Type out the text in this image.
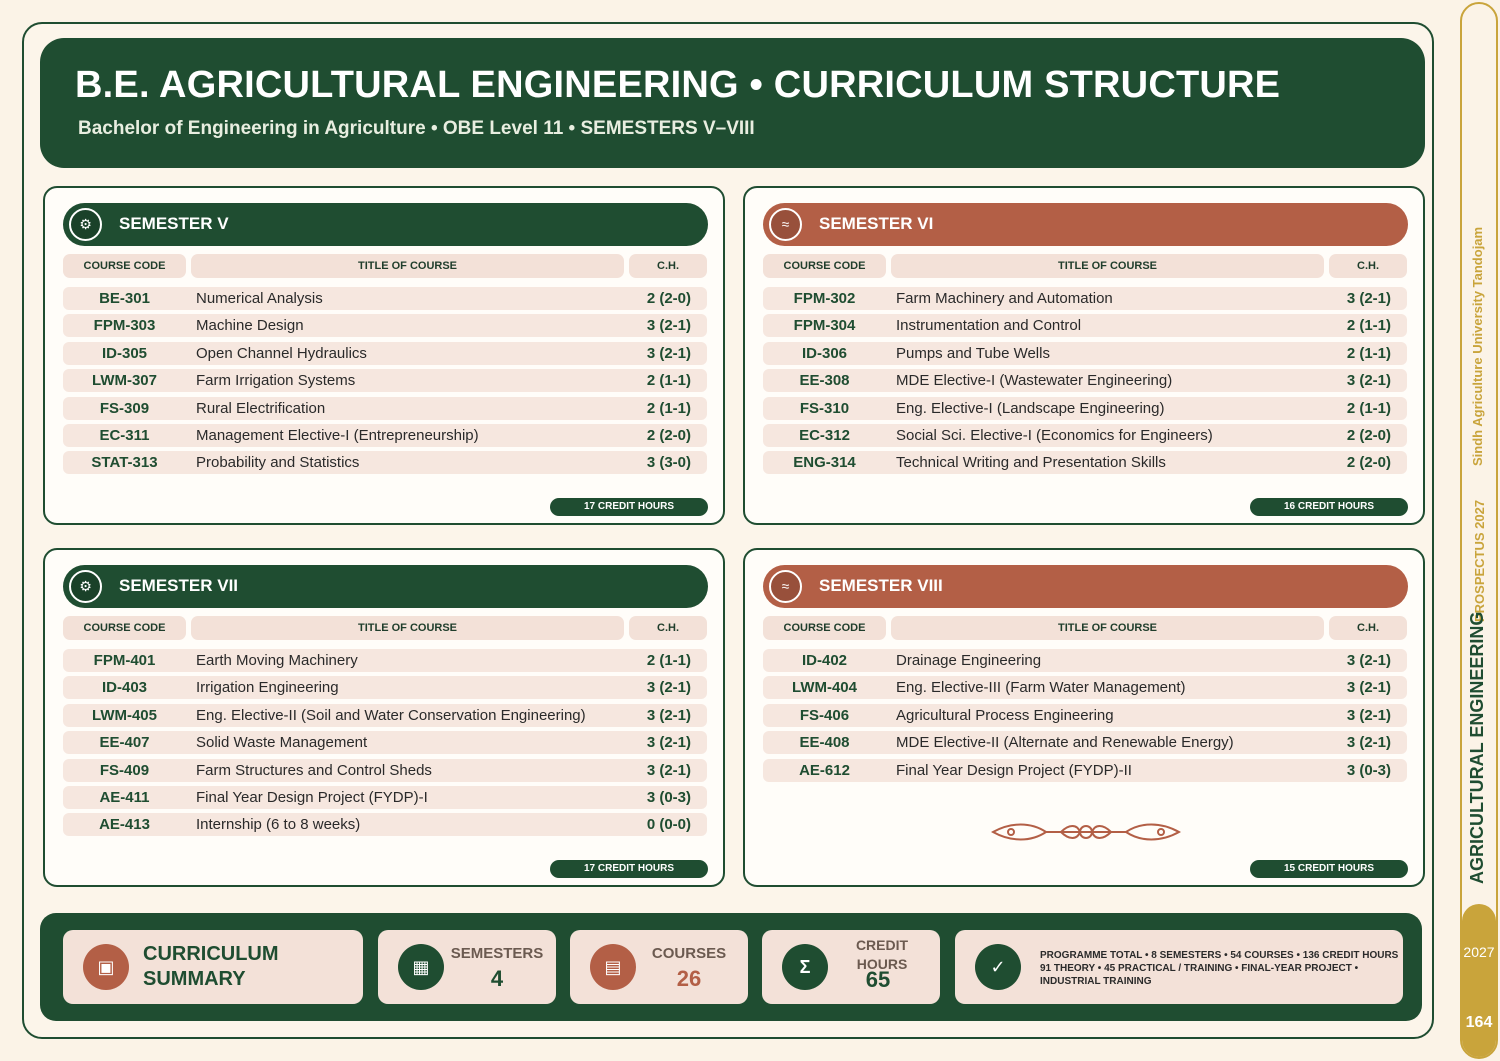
B.E. AGRICULTURAL ENGINEERING • CURRICULUM STRUCTURE
Bachelor of Engineering in Agriculture • OBE Level 11 • SEMESTERS V–VIII
⚙	SEMESTER V
COURSE CODE	TITLE OF COURSE	C.H.
BE-301	Numerical Analysis	2 (2-0)
FPM-303	Machine Design	3 (2-1)
ID-305	Open Channel Hydraulics	3 (2-1)
LWM-307	Farm Irrigation Systems	2 (1-1)
FS-309	Rural Electrification	2 (1-1)
EC-311	Management Elective-I (Entrepreneurship)	2 (2-0)
STAT-313	Probability and Statistics	3 (3-0)
17 CREDIT HOURS
≈	SEMESTER VI
COURSE CODE	TITLE OF COURSE	C.H.
FPM-302	Farm Machinery and Automation	3 (2-1)
FPM-304	Instrumentation and Control	2 (1-1)
ID-306	Pumps and Tube Wells	2 (1-1)
EE-308	MDE Elective-I (Wastewater Engineering)	3 (2-1)
FS-310	Eng. Elective-I (Landscape Engineering)	2 (1-1)
EC-312	Social Sci. Elective-I (Economics for Engineers)	2 (2-0)
ENG-314	Technical Writing and Presentation Skills	2 (2-0)
16 CREDIT HOURS
⚙	SEMESTER VII
COURSE CODE	TITLE OF COURSE	C.H.
FPM-401	Earth Moving Machinery	2 (1-1)
ID-403	Irrigation Engineering	3 (2-1)
LWM-405	Eng. Elective-II (Soil and Water Conservation Engineering)	3 (2-1)
EE-407	Solid Waste Management	3 (2-1)
FS-409	Farm Structures and Control Sheds	3 (2-1)
AE-411	Final Year Design Project (FYDP)-I	3 (0-3)
AE-413	Internship (6 to 8 weeks)	0 (0-0)
17 CREDIT HOURS
≈	SEMESTER VIII
COURSE CODE	TITLE OF COURSE	C.H.
ID-402	Drainage Engineering	3 (2-1)
LWM-404	Eng. Elective-III (Farm Water Management)	3 (2-1)
FS-406	Agricultural Process Engineering	3 (2-1)
EE-408	MDE Elective-II (Alternate and Renewable Energy)	3 (2-1)
AE-612	Final Year Design Project (FYDP)-II	3 (0-3)
15 CREDIT HOURS
▣
CURRICULUM
SUMMARY
▦
SEMESTERS
4	▤
COURSES
26	Σ
CREDIT
HOURS
65	✓
PROGRAMME TOTAL • 8 SEMESTERS • 54 COURSES • 136 CREDIT HOURS 91 THEORY • 45 PRACTICAL / TRAINING • FINAL-YEAR PROJECT • INDUSTRIAL TRAINING
2027
164
Sindh Agriculture University Tandojam
PROSPECTUS 2027
AGRICULTURAL ENGINEERING
